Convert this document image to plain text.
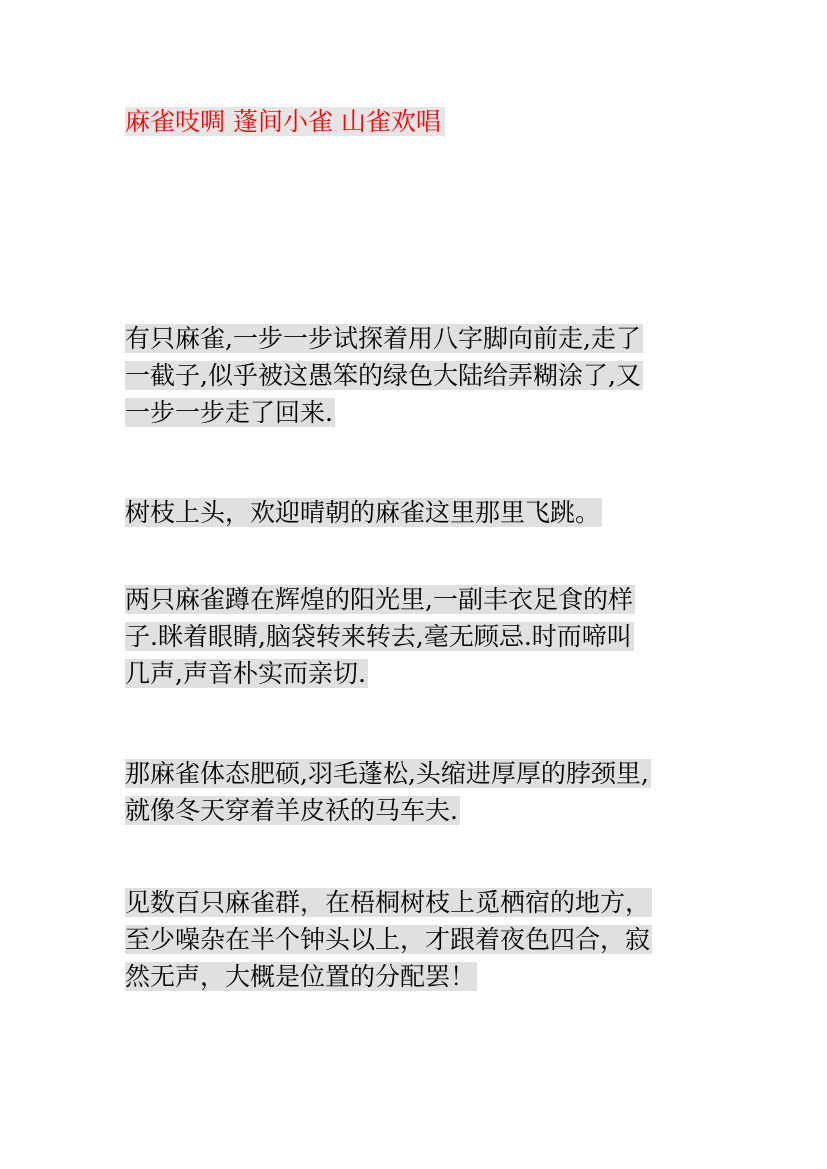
麻雀吱啁 蓬间小雀 山雀欢唱
有只麻雀,一步一步试探着用八字脚向前走,走了
一截子,似乎被这愚笨的绿色大陆给弄糊涂了,又
一步一步走了回来.
树枝上头，欢迎晴朝的麻雀这里那里飞跳。
两只麻雀蹲在辉煌的阳光里,一副丰衣足食的样
子.眯着眼睛,脑袋转来转去,毫无顾忌.时而啼叫
几声,声音朴实而亲切.
那麻雀体态肥硕,羽毛蓬松,头缩进厚厚的脖颈里,
就像冬天穿着羊皮袄的马车夫.
见数百只麻雀群，在梧桐树枝上觅栖宿的地方，
至少噪杂在半个钟头以上，才跟着夜色四合，寂
然无声，大概是位置的分配罢！
